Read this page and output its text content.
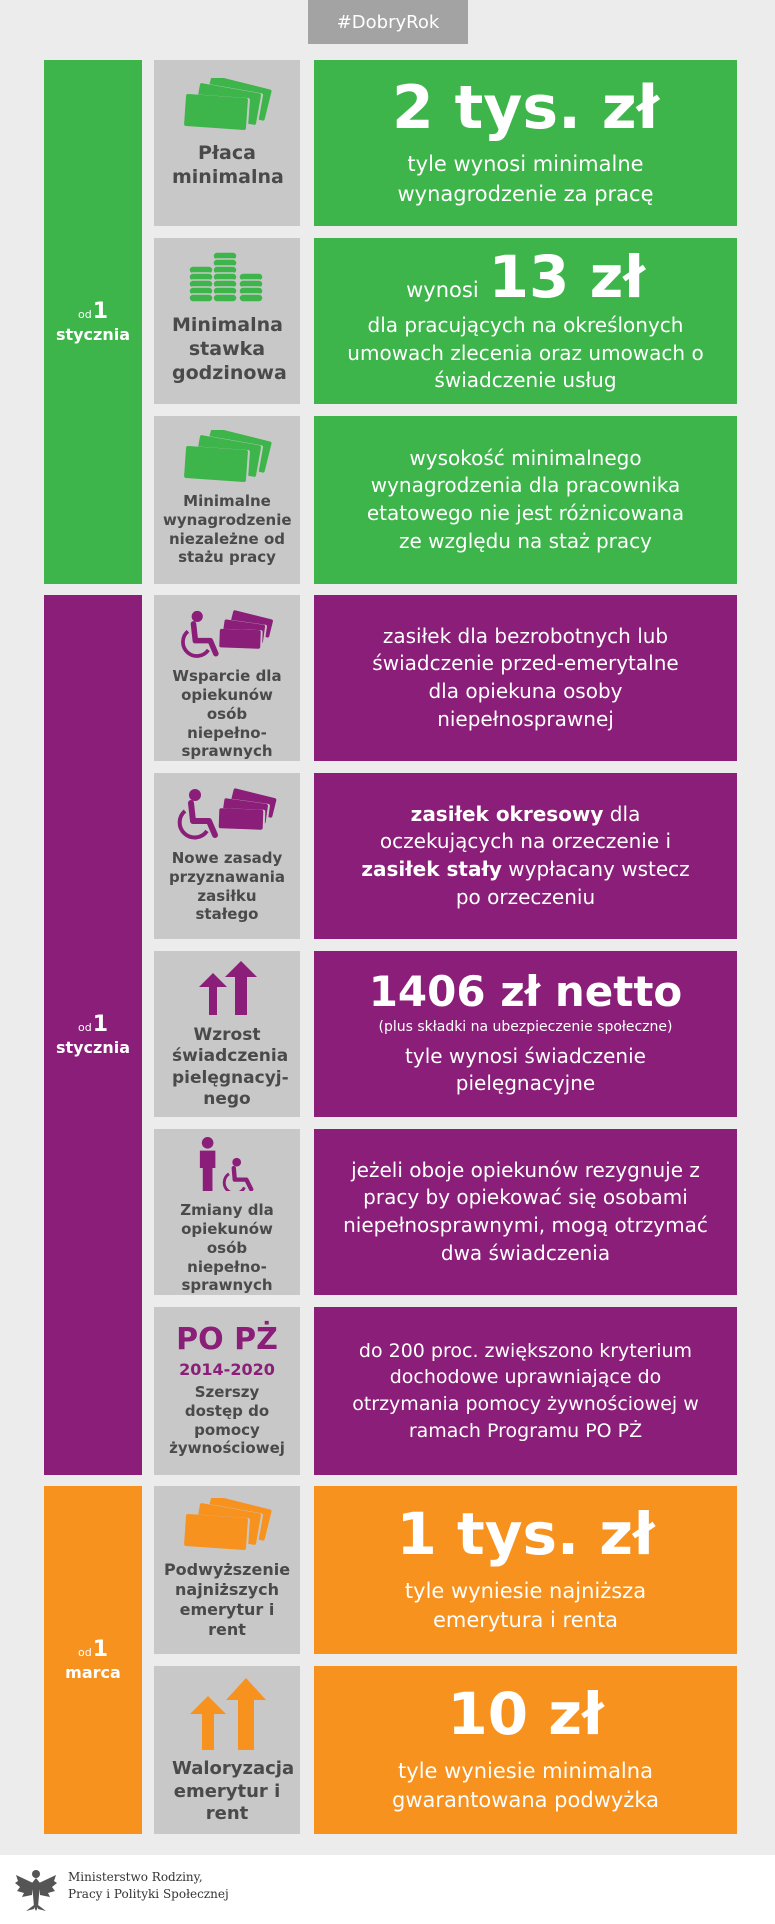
#DobryRok
od1
stycznia
Płaca minimalna
2 tys. zł
tyle wynosi minimalne wynagrodzenie za pracę
Minimalna stawka godzinowa
wynosi 13 zł
dla pracujących na określonych umowach zlecenia oraz umowach o świadczenie usług
Minimalne wynagrodzenie niezależne od stażu pracy
wysokość minimalnego wynagrodzenia dla pracownika etatowego nie jest różnicowana ze względu na staż pracy
od1
stycznia
Wsparcie dla opiekunów osób niepełno-sprawnych
zasiłek dla bezrobotnych lub świadczenie przed-emerytalne dla opiekuna osoby niepełnosprawnej
Nowe zasady przyznawania zasiłku stałego
zasiłek okresowy dla oczekujących na orzeczenie i zasiłek stały wypłacany wstecz po orzeczeniu
Wzrost świadczenia pielęgnacyj-nego
1406 zł netto
(plus składki na ubezpieczenie społeczne)
tyle wynosi świadczenie pielęgnacyjne
Zmiany dla opiekunów osób niepełno-sprawnych
jeżeli oboje opiekunów rezygnuje z pracy by opiekować się osobami niepełnosprawnymi, mogą otrzymać dwa świadczenia
PO PŻ
2014-2020
Szerszy dostęp do pomocy żywnościowej
do 200 proc. zwiększono kryterium dochodowe uprawniające do otrzymania pomocy żywnościowej w ramach Programu PO PŻ
od1
marca
Podwyższenie najniższych emerytur i rent
1 tys. zł
tyle wyniesie najniższa emerytura i renta
Waloryzacja emerytur i rent
10 zł
tyle wyniesie minimalna gwarantowana podwyżka
Ministerstwo Rodziny,
Pracy i Polityki Społecznej
